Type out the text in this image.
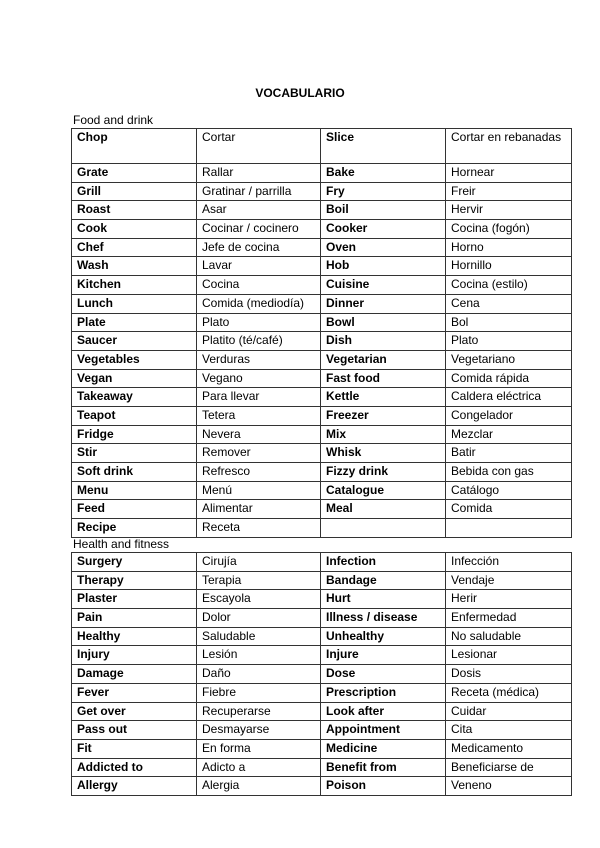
VOCABULARIO
Food and drink
Chop	Cortar	Slice	Cortar en rebanadas
Grate	Rallar	Bake	Hornear
Grill	Gratinar / parrilla	Fry	Freir
Roast	Asar	Boil	Hervir
Cook	Cocinar / cocinero	Cooker	Cocina (fogón)
Chef	Jefe de cocina	Oven	Horno
Wash	Lavar	Hob	Hornillo
Kitchen	Cocina	Cuisine	Cocina (estilo)
Lunch	Comida (mediodía)	Dinner	Cena
Plate	Plato	Bowl	Bol
Saucer	Platito (té/café)	Dish	Plato
Vegetables	Verduras	Vegetarian	Vegetariano
Vegan	Vegano	Fast food	Comida rápida
Takeaway	Para llevar	Kettle	Caldera eléctrica
Teapot	Tetera	Freezer	Congelador
Fridge	Nevera	Mix	Mezclar
Stir	Remover	Whisk	Batir
Soft drink	Refresco	Fizzy drink	Bebida con gas
Menu	Menú	Catalogue	Catálogo
Feed	Alimentar	Meal	Comida
Recipe	Receta		
Health and fitness
Surgery	Cirujía	Infection	Infección
Therapy	Terapia	Bandage	Vendaje
Plaster	Escayola	Hurt	Herir
Pain	Dolor	Illness / disease	Enfermedad
Healthy	Saludable	Unhealthy	No saludable
Injury	Lesión	Injure	Lesionar
Damage	Daño	Dose	Dosis
Fever	Fiebre	Prescription	Receta (médica)
Get over	Recuperarse	Look after	Cuidar
Pass out	Desmayarse	Appointment	Cita
Fit	En forma	Medicine	Medicamento
Addicted to	Adicto a	Benefit from	Beneficiarse de
Allergy	Alergia	Poison	Veneno
